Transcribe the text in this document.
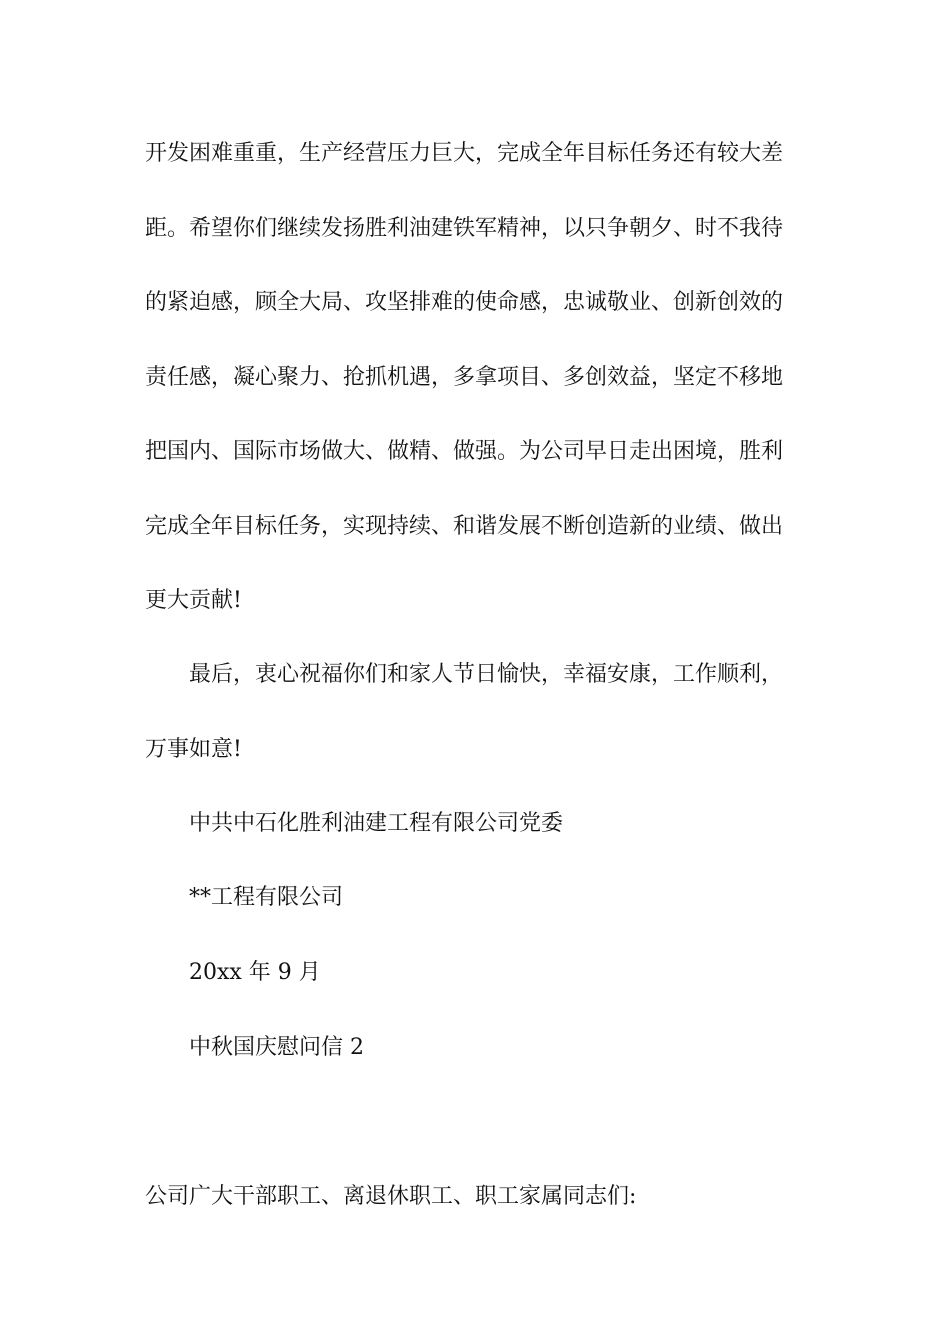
开发困难重重，生产经营压力巨大，完成全年目标任务还有较大差

距。希望你们继续发扬胜利油建铁军精神，以只争朝夕、时不我待

的紧迫感，顾全大局、攻坚排难的使命感，忠诚敬业、创新创效的

责任感，凝心聚力、抢抓机遇，多拿项目、多创效益，坚定不移地

把国内、国际市场做大、做精、做强。为公司早日走出困境，胜利

完成全年目标任务，实现持续、和谐发展不断创造新的业绩、做出

更大贡献!

　　最后，衷心祝福你们和家人节日愉快，幸福安康，工作顺利，

万事如意!

中共中石化胜利油建工程有限公司党委

**工程有限公司

20xx 年 9 月

中秋国庆慰问信 2

公司广大干部职工、离退休职工、职工家属同志们:
